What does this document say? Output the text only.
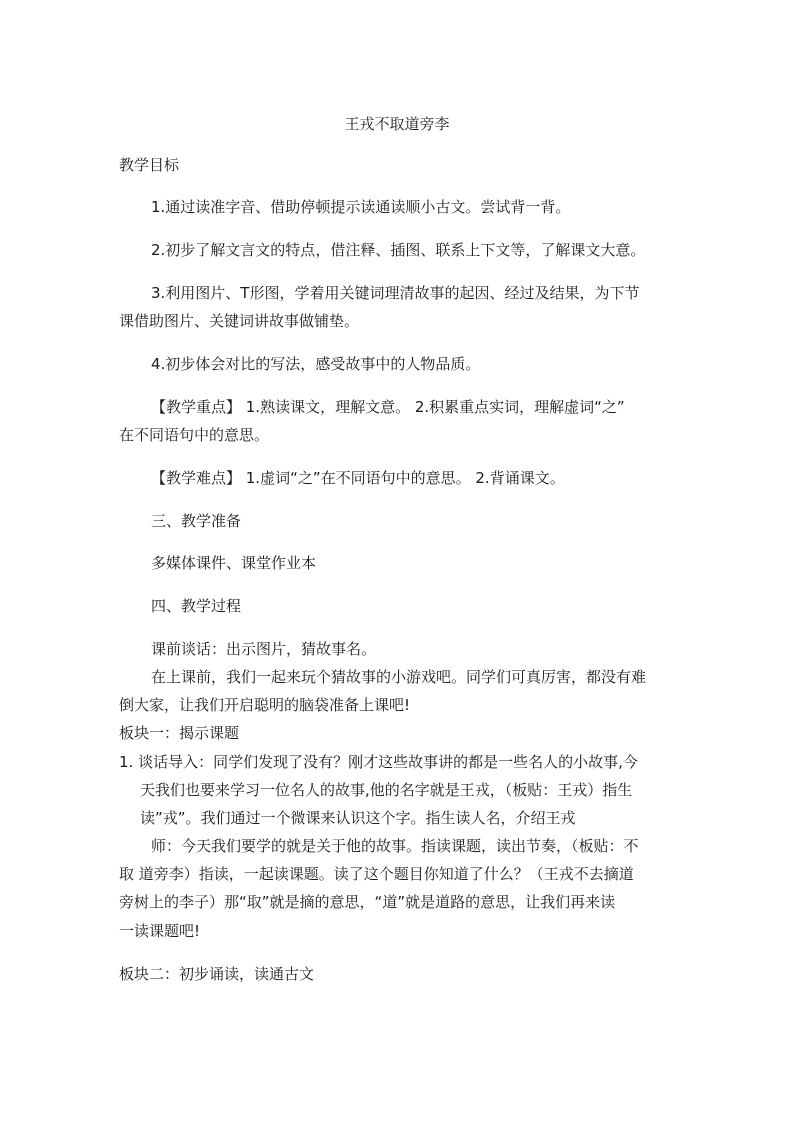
王戎不取道旁李
教学目标
1.通过读准字音、借助停顿提示读通读顺小古文。尝试背一背。
2.初步了解文言文的特点，借注释、插图、联系上下文等，了解课文大意。
3.利用图片、T形图，学着用关键词理清故事的起因、经过及结果，为下节
课借助图片、关键词讲故事做铺垫。
4.初步体会对比的写法，感受故事中的人物品质。
【教学重点】 1.熟读课文，理解文意。 2.积累重点实词，理解虚词“之”
在不同语句中的意思。
【教学难点】 1.虚词“之”在不同语句中的意思。 2.背诵课文。
三、教学准备
多媒体课件、课堂作业本
四、教学过程
课前谈话：出示图片，猜故事名。
在上课前，我们一起来玩个猜故事的小游戏吧。同学们可真厉害，都没有难
倒大家，让我们开启聪明的脑袋准备上课吧!
板块一：揭示课题
1. 谈话导入：同学们发现了没有？刚才这些故事讲的都是一些名人的小故事,今
天我们也要来学习一位名人的故事,他的名字就是王戎，（板贴：王戎）指生
读”戎”。我们通过一个微课来认识这个字。指生读人名，介绍王戎
师：今天我们要学的就是关于他的故事。指读课题，读出节奏，（板贴：不
取 道旁李）指读，一起读课题。读了这个题目你知道了什么？（王戎不去摘道
旁树上的李子）那“取”就是摘的意思，“道”就是道路的意思，让我们再来读
一读课题吧!
板块二：初步诵读，读通古文
